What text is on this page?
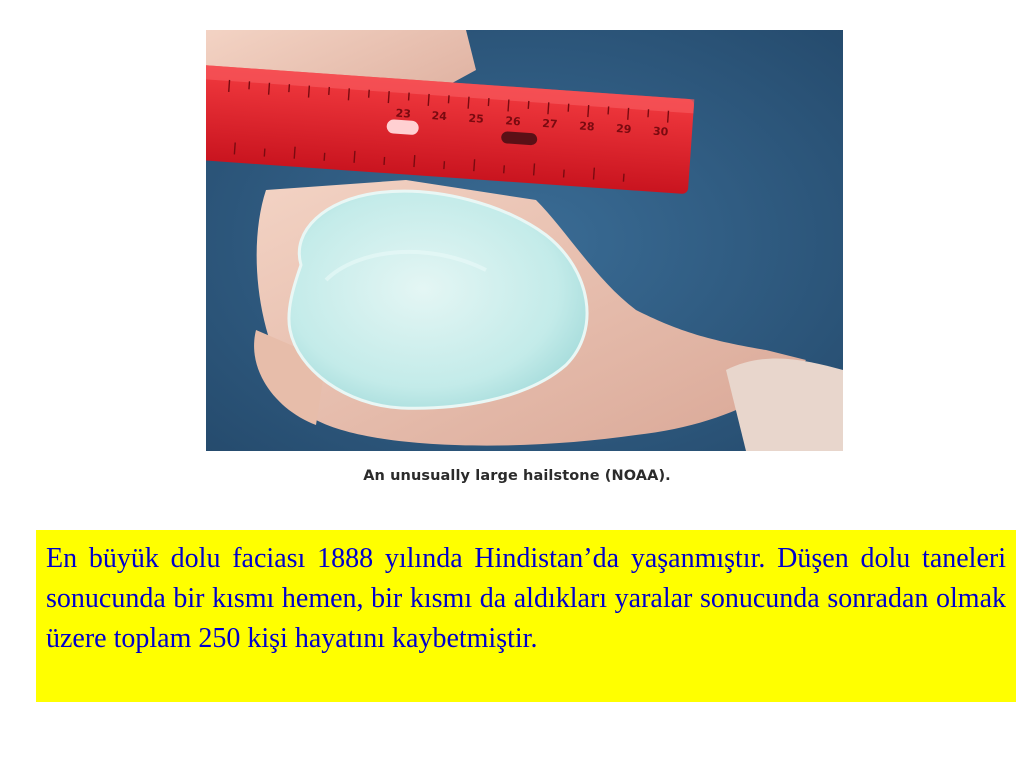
23 24 25 26 27 28 29 30
An unusually large hailstone (NOAA).

En büyük dolu faciası 1888 yılında Hindistan’da yaşanmıştır. Düşen dolu taneleri sonucunda bir kısmı hemen, bir kısmı da aldıkları yaralar sonucunda sonradan olmak üzere toplam 250 kişi hayatını kaybetmiştir.
